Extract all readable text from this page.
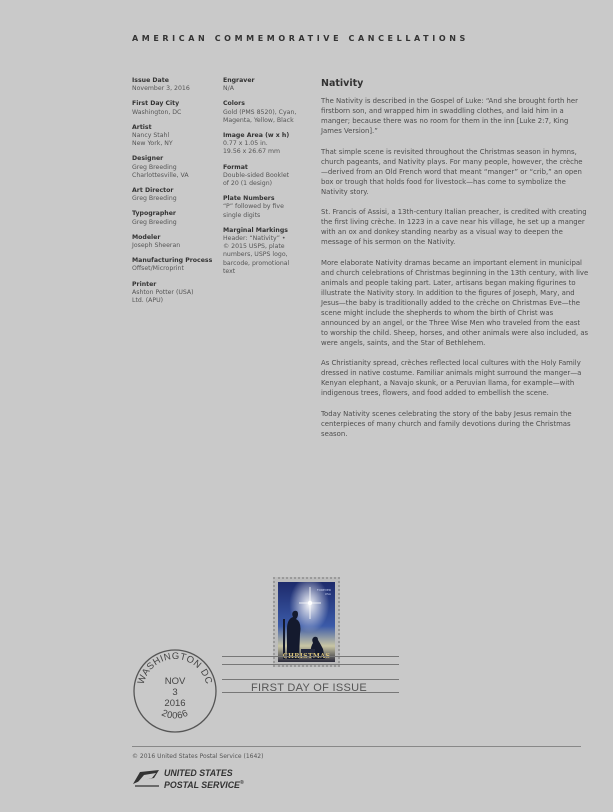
AMERICAN COMMEMORATIVE CANCELLATIONS
Issue Date
November 3, 2016
First Day City
Washington, DC
Artist
Nancy Stahl
New York, NY
Designer
Greg Breeding
Charlottesville, VA
Art Director
Greg Breeding
Typographer
Greg Breeding
Modeler
Joseph Sheeran
Manufacturing Process
Offset/Microprint
Printer
Ashton Potter (USA)
Ltd. (APU)
Engraver
N/A
Colors
Gold (PMS 8520), Cyan,
Magenta, Yellow, Black
Image Area (w x h)
0.77 x 1.05 in.
19.56 x 26.67 mm
Format
Double-sided Booklet
of 20 (1 design)
Plate Numbers
“P” followed by five
single digits
Marginal Markings
Header: “Nativity” •
© 2015 USPS, plate
numbers, USPS logo,
barcode, promotional
text
Nativity

The Nativity is described in the Gospel of Luke: “And she brought forth her firstborn son, and wrapped him in swaddling clothes, and laid him in a manger; because there was no room for them in the inn [Luke 2:7, King James Version].”

That simple scene is revisited throughout the Christmas season in hymns, church pageants, and Nativity plays. For many people, however, the crèche—derived from an Old French word that meant “manger” or “crib,” an open box or trough that holds food for livestock—has come to symbolize the Nativity story.

St. Francis of Assisi, a 13th-century Italian preacher, is credited with creating the first living crèche. In 1223 in a cave near his village, he set up a manger with an ox and donkey standing nearby as a visual way to deepen the message of his sermon on the Nativity.

More elaborate Nativity dramas became an important element in municipal and church celebrations of Christmas beginning in the 13th century, with live animals and people taking part. Later, artisans began making figurines to illustrate the Nativity story. In addition to the figures of Joseph, Mary, and Jesus—the baby is traditionally added to the crèche on Christmas Eve—the scene might include the shepherds to whom the birth of Christ was announced by an angel, or the Three Wise Men who traveled from the east to worship the child. Sheep, horses, and other animals were also included, as were angels, saints, and the Star of Bethlehem.

As Christianity spread, crèches reflected local cultures with the Holy Family dressed in native costume. Familiar animals might surround the manger—a Kenyan elephant, a Navajo skunk, or a Peruvian llama, for example—with indigenous trees, flowers, and food added to embellish the scene.

Today Nativity scenes celebrating the story of the baby Jesus remain the centerpieces of many church and family devotions during the Christmas season.

FOREVER
USA
FIRST DAY OF ISSUE
WASHINGTON DC
20066
NOV
3
2016
© 2016 United States Postal Service (1642)
UNITED STATES
POSTAL SERVICE®
